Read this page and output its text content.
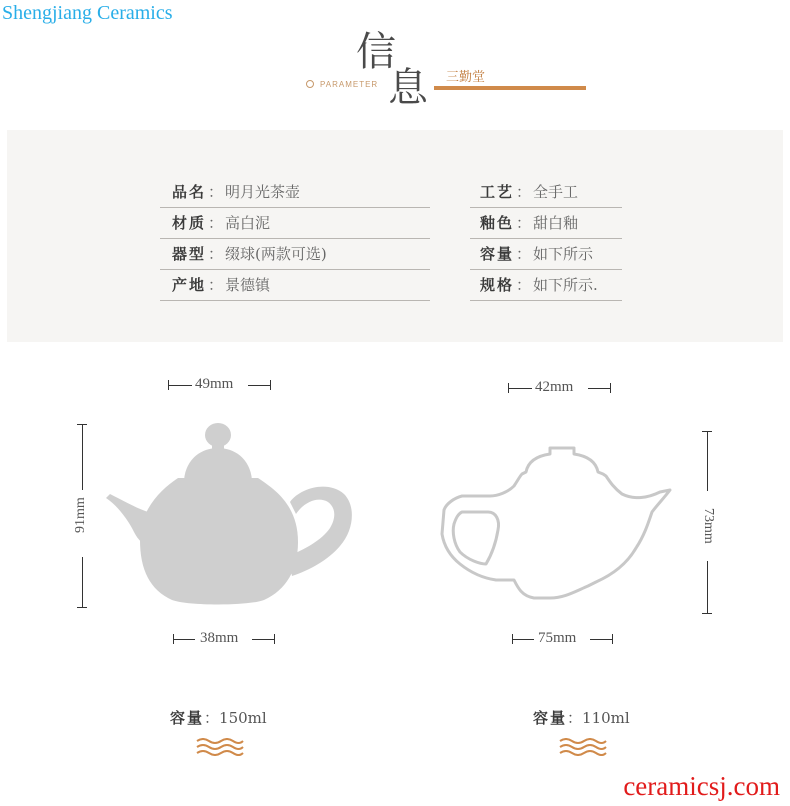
Shengjiang Ceramics
信
息
PARAMETER	三勤堂
品名 ： 明月光茶壶
材质 ： 高白泥
器型 ： 缀球(两款可选)
产地 ： 景德镇
工艺 ： 全手工
釉色 ： 甜白釉
容量 ： 如下所示
规格 ： 如下所示.
49mm
91mm
38mm
容量：150ml
42mm
73mm
75mm
容量：110ml
ceramicsj.com
